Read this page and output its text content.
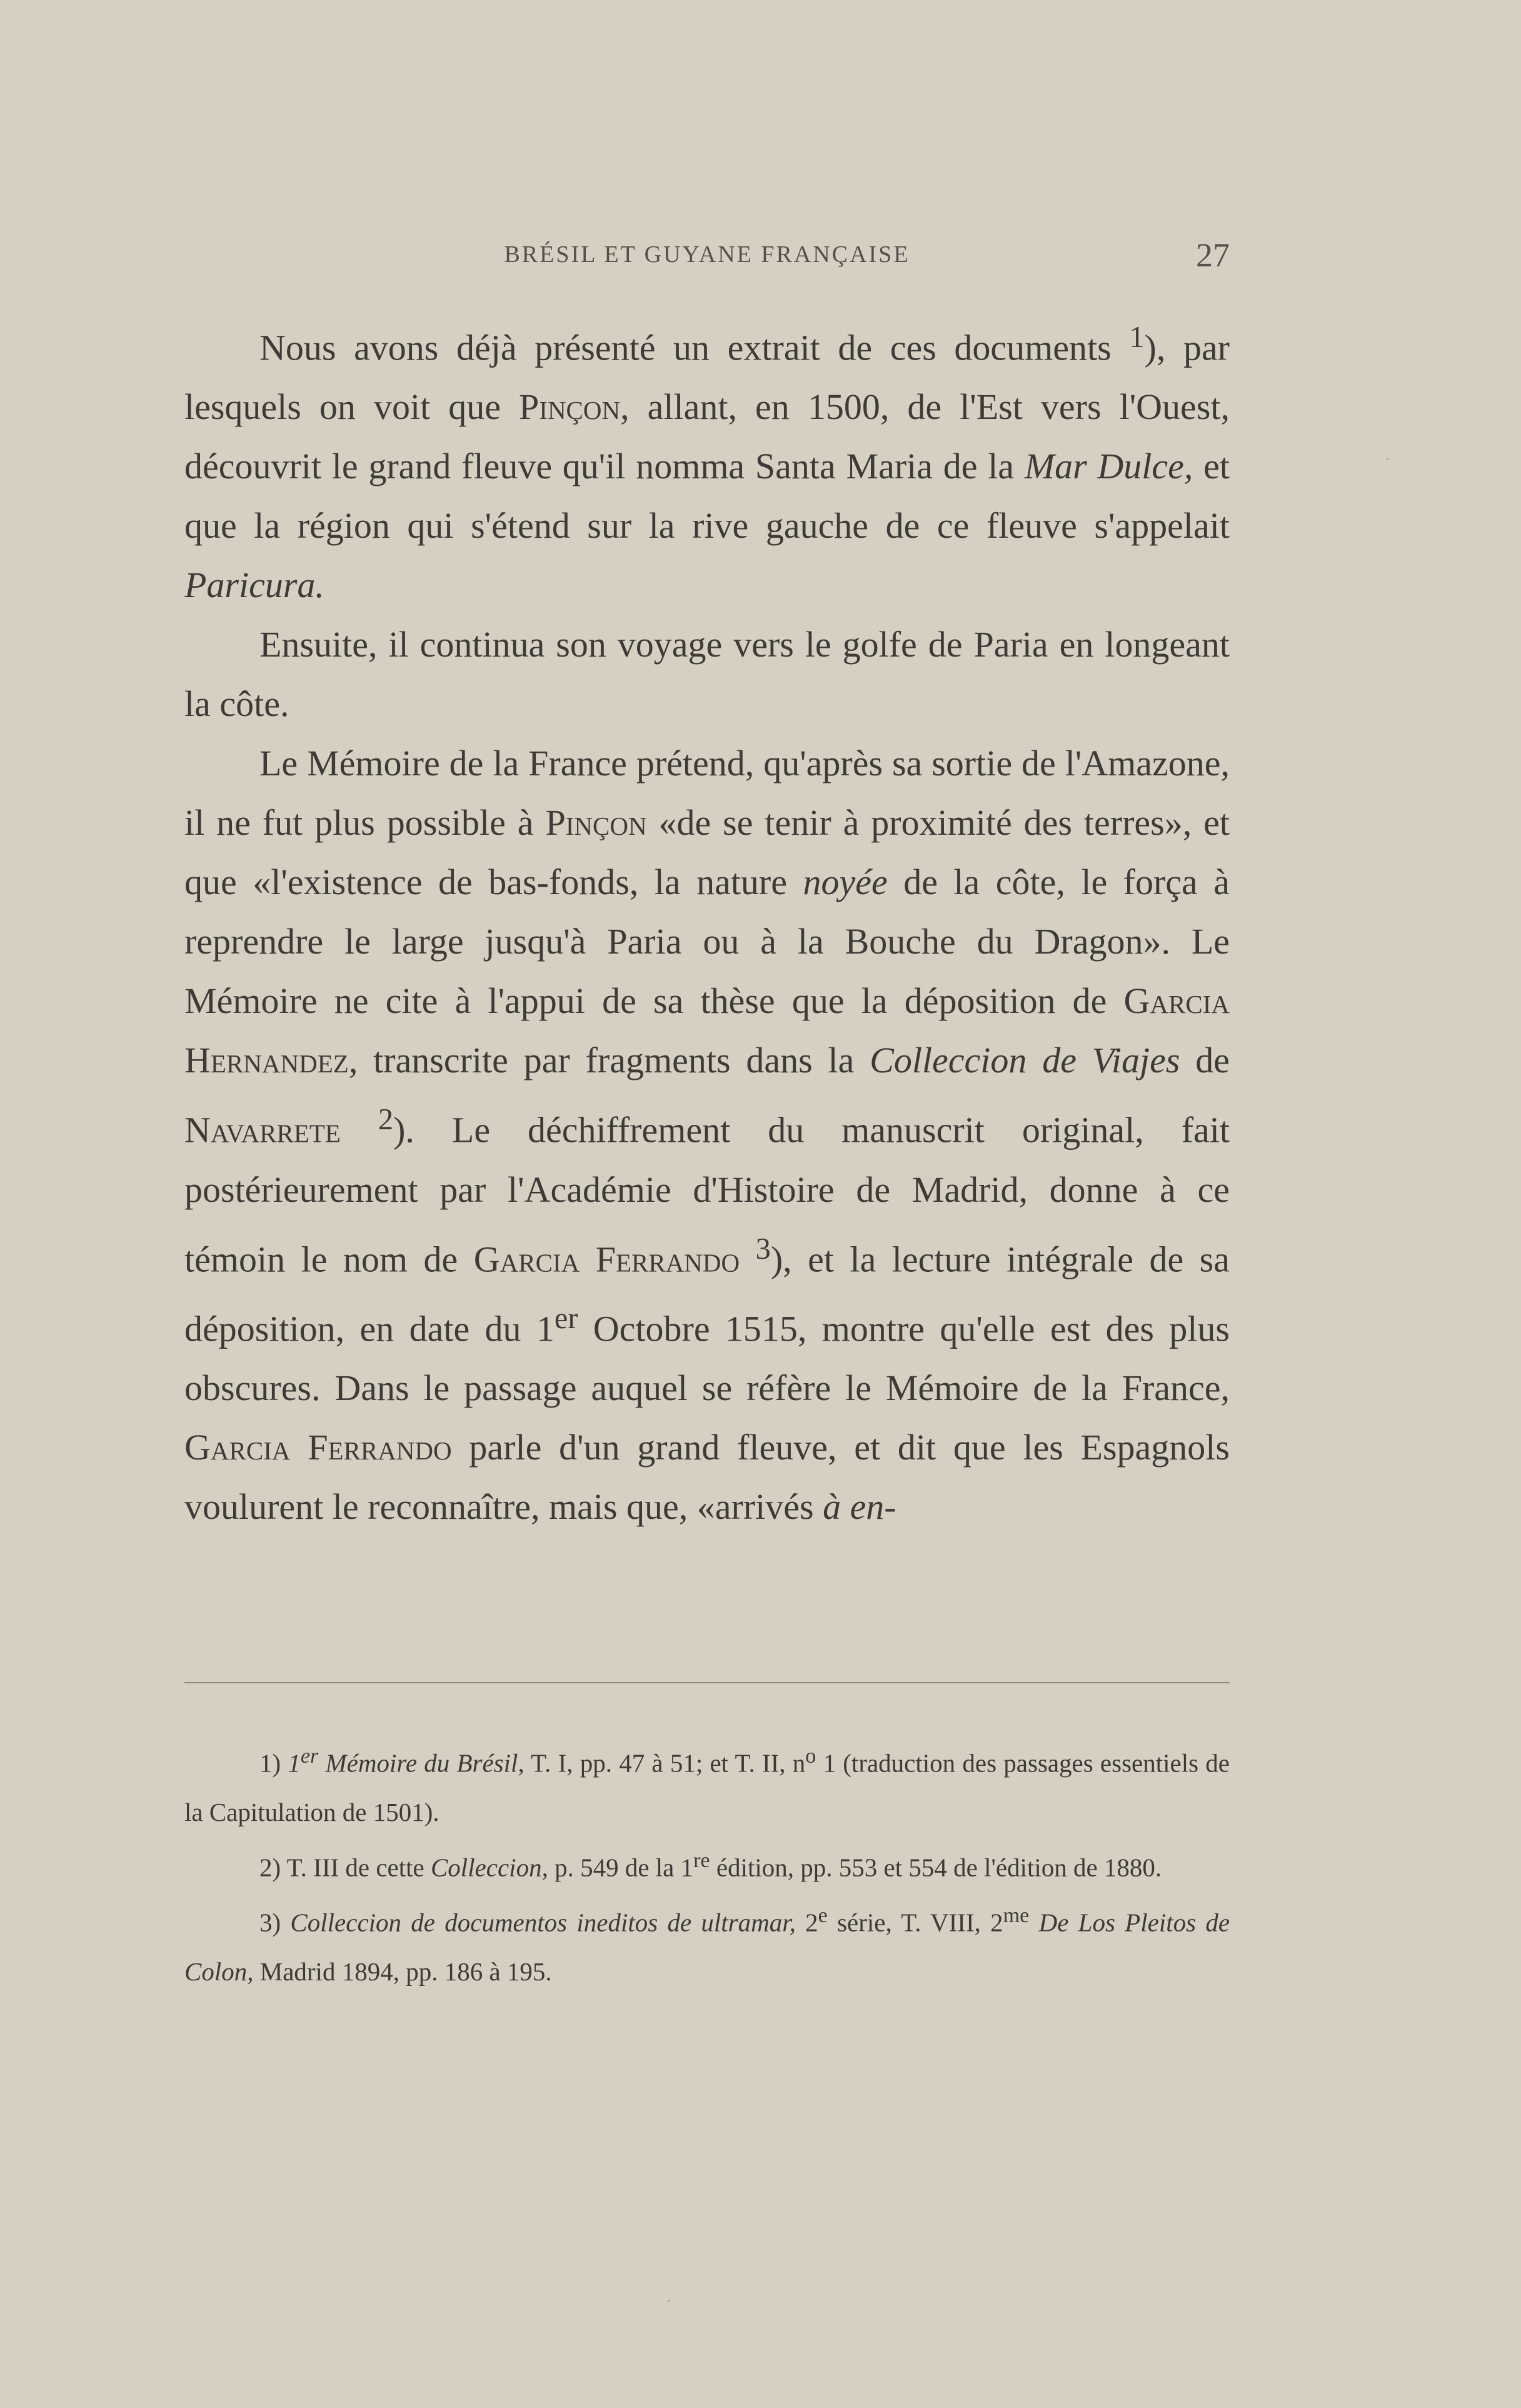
BRÉSIL ET GUYANE FRANÇAISE	27

Nous avons déjà présenté un extrait de ces documents $^1$), par lesquels on voit que Pinçon, allant, en 1500, de l'Est vers l'Ouest, découvrit le grand fleuve qu'il nomma Santa Maria de la Mar Dulce, et que la région qui s'étend sur la rive gauche de ce fleuve s'appelait Paricura.

Ensuite, il continua son voyage vers le golfe de Paria en longeant la côte.

Le Mémoire de la France prétend, qu'après sa sortie de l'Amazone, il ne fut plus possible à Pinçon «de se tenir à proximité des terres», et que «l'existence de bas-fonds, la nature noyée de la côte, le força à reprendre le large jusqu'à Paria ou à la Bouche du Dragon». Le Mémoire ne cite à l'appui de sa thèse que la déposition de Garcia Hernandez, transcrite par fragments dans la Colleccion de Viajes de Navarrete $^2$). Le déchiffrement du manuscrit original, fait postérieurement par l'Académie d'Histoire de Madrid, donne à ce témoin le nom de Garcia Ferrando $^3$), et la lecture intégrale de sa déposition, en date du 1er Octobre 1515, montre qu'elle est des plus obscures. Dans le passage auquel se réfère le Mémoire de la France, Garcia Ferrando parle d'un grand fleuve, et dit que les Espagnols voulurent le reconnaître, mais que, «arrivés à en-

1) 1er Mémoire du Brésil, T. I, pp. 47 à 51; et T. II, $n^o$ 1 (traduction des passages essentiels de la Capitulation de 1501).

2) T. III de cette Colleccion, p. 549 de la 1re édition, pp. 553 et 554 de l'édition de 1880.

3) Colleccion de documentos ineditos de ultramar, 2e série, T. VIII, $2^{me}$ De Los Pleitos de Colon, Madrid 1894, pp. 186 à 195.
